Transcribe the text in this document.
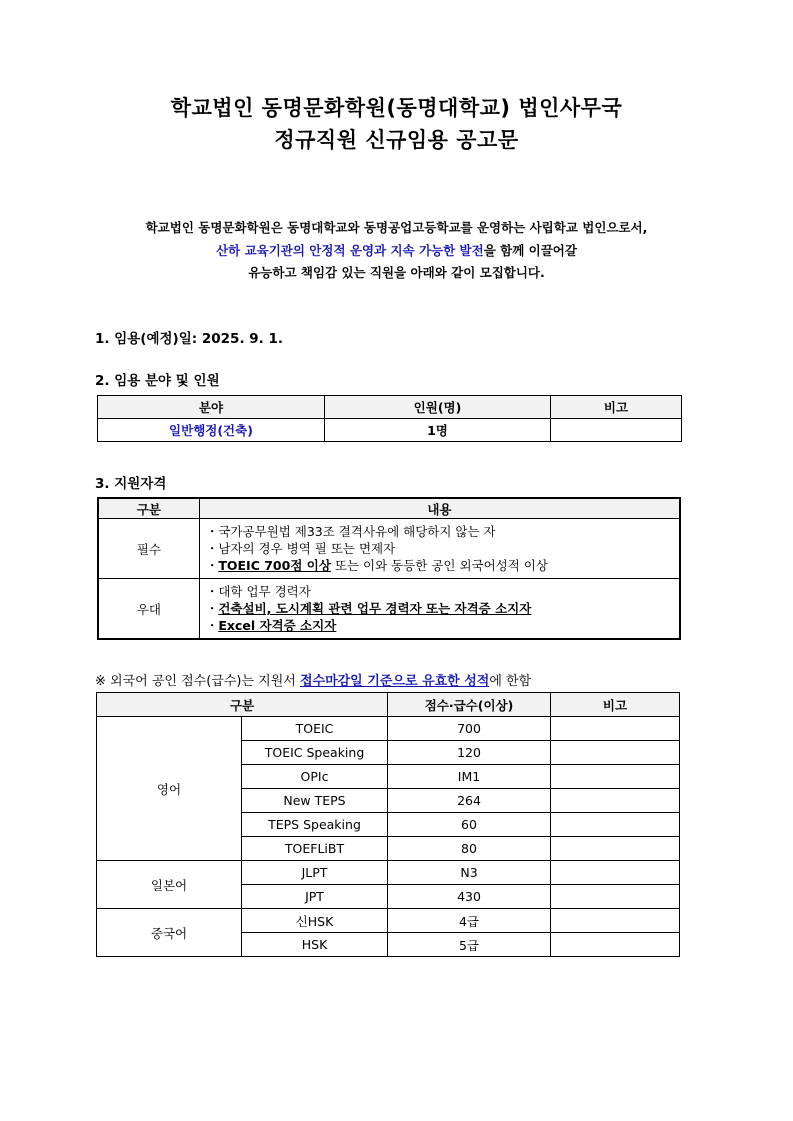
학교법인 동명문화학원(동명대학교) 법인사무국
정규직원 신규임용 공고문
학교법인 동명문화학원은 동명대학교와 동명공업고등학교를 운영하는 사립학교 법인으로서,
산하 교육기관의 안정적 운영과 지속 가능한 발전을 함께 이끌어갈
유능하고 책임감 있는 직원을 아래와 같이 모집합니다.
1. 임용(예정)일: 2025. 9. 1.
2. 임용 분야 및 인원
분야	인원(명)	비고
일반행정(건축)	1명	
3. 지원자격
구분	내용
필수	・국가공무원법 제33조 결격사유에 해당하지 않는 자
・남자의 경우 병역 필 또는 면제자
・TOEIC 700점 이상 또는 이와 동등한 공인 외국어성적 이상

우대	・대학 업무 경력자
・건축설비, 도시계획 관련 업무 경력자 또는 자격증 소지자
・Excel 자격증 소지자
※ 외국어 공인 점수(급수)는 지원서 접수마감일 기준으로 유효한 성적에 한함
구분		점수·급수(이상)	비고
영어	TOEIC	700	
	TOEIC Speaking	120	
	OPIc	IM1	
	New TEPS	264	
	TEPS Speaking	60	
	TOEFLiBT	80	
일본어	JLPT	N3	
	JPT	430	
중국어	신HSK	4급	
	HSK	5급	
